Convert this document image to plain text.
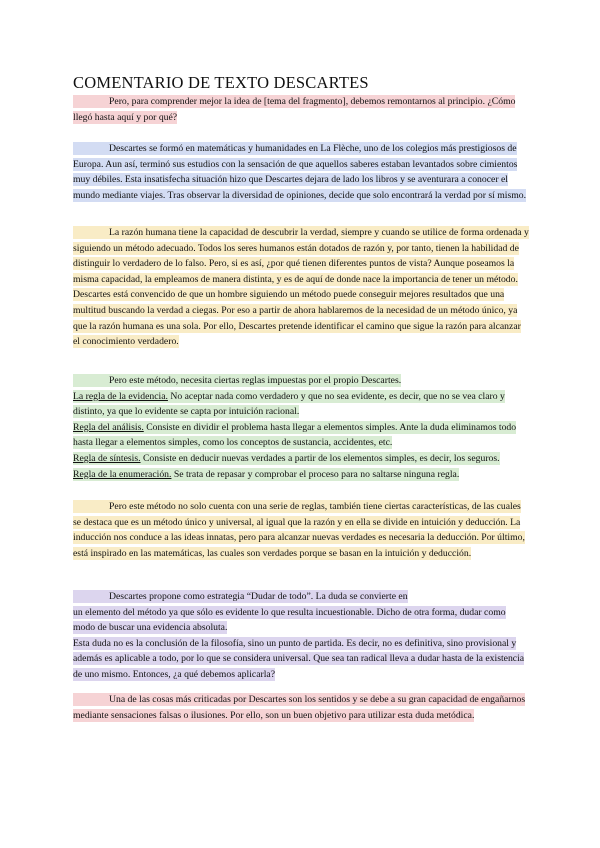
COMENTARIO DE TEXTO DESCARTES
Pero, para comprender mejor la idea de [tema del fragmento], debemos remontarnos al principio. ¿Cómo llegó hasta aquí y por qué?
Descartes se formó en matemáticas y humanidades en La Flèche, uno de los colegios más prestigiosos de Europa. Aun así, terminó sus estudios con la sensación de que aquellos saberes estaban levantados sobre cimientos muy débiles. Esta insatisfecha situación hizo que Descartes dejara de lado los libros y se aventurara a conocer el mundo mediante viajes. Tras observar la diversidad de opiniones, decide que solo encontrará la verdad por sí mismo.
La razón humana tiene la capacidad de descubrir la verdad, siempre y cuando se utilice de forma ordenada y siguiendo un método adecuado. Todos los seres humanos están dotados de razón y, por tanto, tienen la habilidad de distinguir lo verdadero de lo falso. Pero, si es así, ¿por qué tienen diferentes puntos de vista? Aunque poseamos la misma capacidad, la empleamos de manera distinta, y es de aquí de donde nace la importancia de tener un método. Descartes está convencido de que un hombre siguiendo un método puede conseguir mejores resultados que una multitud buscando la verdad a ciegas. Por eso a partir de ahora hablaremos de la necesidad de un método único, ya que la razón humana es una sola. Por ello, Descartes pretende identificar el camino que sigue la razón para alcanzar el conocimiento verdadero.
Pero este método, necesita ciertas reglas impuestas por el propio Descartes.
La regla de la evidencia. No aceptar nada como verdadero y que no sea evidente, es decir, que no se vea claro y distinto, ya que lo evidente se capta por intuición racional.
Regla del análisis. Consiste en dividir el problema hasta llegar a elementos simples. Ante la duda eliminamos todo hasta llegar a elementos simples, como los conceptos de sustancia, accidentes, etc.
Regla de síntesis. Consiste en deducir nuevas verdades a partir de los elementos simples, es decir, los seguros.
Regla de la enumeración. Se trata de repasar y comprobar el proceso para no saltarse ninguna regla.
Pero este método no solo cuenta con una serie de reglas, también tiene ciertas características, de las cuales se destaca que es un método único y universal, al igual que la razón y en ella se divide en intuición y deducción. La inducción nos conduce a las ideas innatas, pero para alcanzar nuevas verdades es necesaria la deducción. Por último, está inspirado en las matemáticas, las cuales son verdades porque se basan en la intuición y deducción.
Descartes propone como estrategia “Dudar de todo”. La duda se convierte en
un elemento del método ya que sólo es evidente lo que resulta incuestionable. Dicho de otra forma, dudar como modo de buscar una evidencia absoluta.
Esta duda no es la conclusión de la filosofía, sino un punto de partida. Es decir, no es definitiva, sino provisional y además es aplicable a todo, por lo que se considera universal. Que sea tan radical lleva a dudar hasta de la existencia de uno mismo. Entonces, ¿a qué debemos aplicarla?
Una de las cosas más criticadas por Descartes son los sentidos y se debe a su gran capacidad de engañarnos mediante sensaciones falsas o ilusiones. Por ello, son un buen objetivo para utilizar esta duda metódica.
